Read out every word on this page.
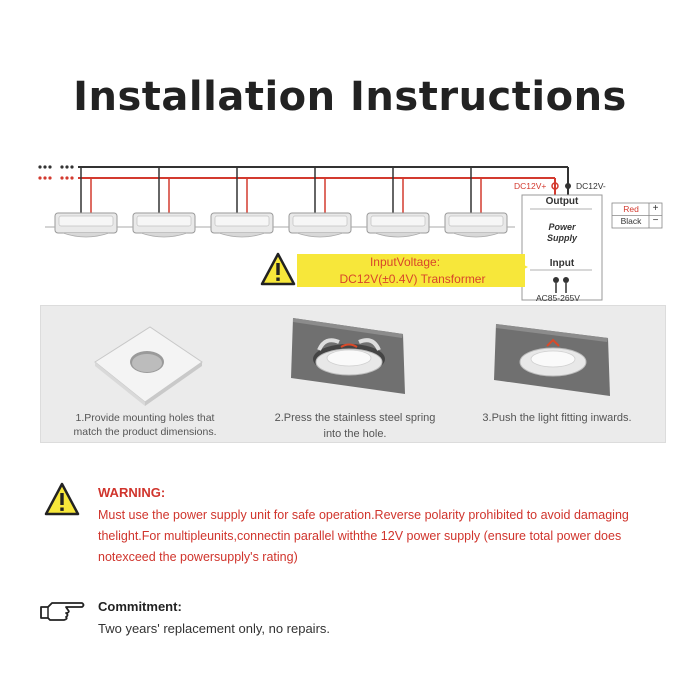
Installation Instructions
DC12V+	DC12V-
Output
Power
Supply
Input
AC85-265V
Red	+
Black	−
InputVoltage:
DC12V(±0.4V) Transformer
1.Provide mounting holes that
match the product dimensions.
2.Press the stainless steel spring
into the hole.
3.Push the light fitting inwards.
WARNING:
Must use the power supply unit for safe operation.Reverse polarity prohibited to avoid damaging thelight.For multipleunits,connectin parallel withthe 12V power supply (ensure total power does notexceed the powersupply's rating)
Commitment:
Two years' replacement only, no repairs.
